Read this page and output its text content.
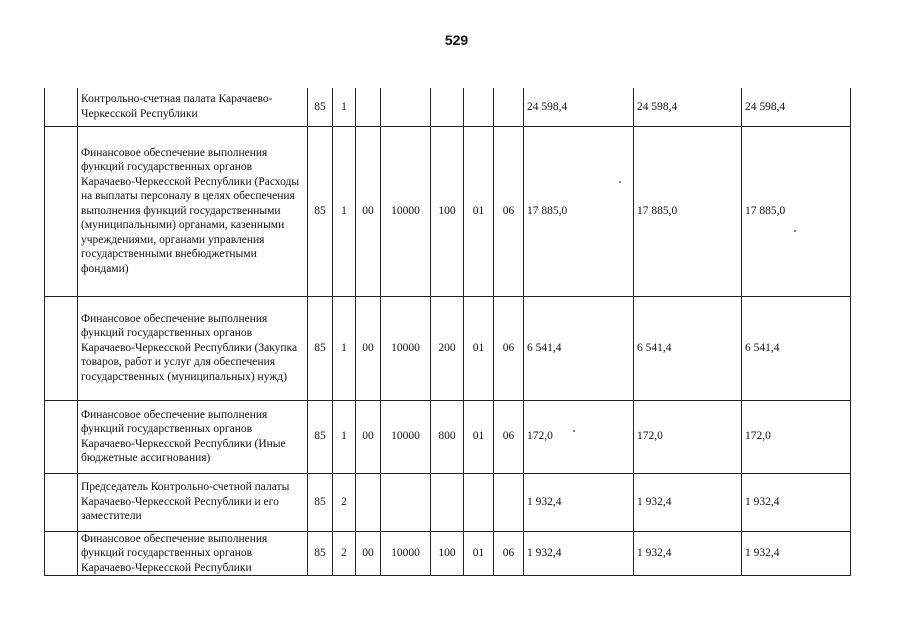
529
	Контрольно-счетная палата Карачаево-Черкесской Республики	85	1						24 598,4	24 598,4	24 598,4
	Финансовое обеспечение выполнения функций государственных органов Карачаево-Черкесской Республики (Расходы на выплаты персоналу в целях обеспечения выполнения функций государственными (муниципальными) органами, казенными учреждениями, органами управления государственными внебюджетными фондами)	85	1	00	10000	100	01	06	17 885,0	17 885,0	17 885,0
	Финансовое обеспечение выполнения функций государственных органов Карачаево-Черкесской Республики (Закупка товаров, работ и услуг для обеспечения государственных (муниципальных) нужд)	85	1	00	10000	200	01	06	6 541,4	6 541,4	6 541,4
	Финансовое обеспечение выполнения функций государственных органов Карачаево-Черкесской Республики (Иные бюджетные ассигнования)	85	1	00	10000	800	01	06	172,0	172,0	172,0
	Председатель Контрольно-счетной палаты Карачаево-Черкесской Республики и его заместители	85	2						1 932,4	1 932,4	1 932,4
	Финансовое обеспечение выполнения функций государственных органов Карачаево-Черкесской Республики	85	2	00	10000	100	01	06	1 932,4	1 932,4	1 932,4
